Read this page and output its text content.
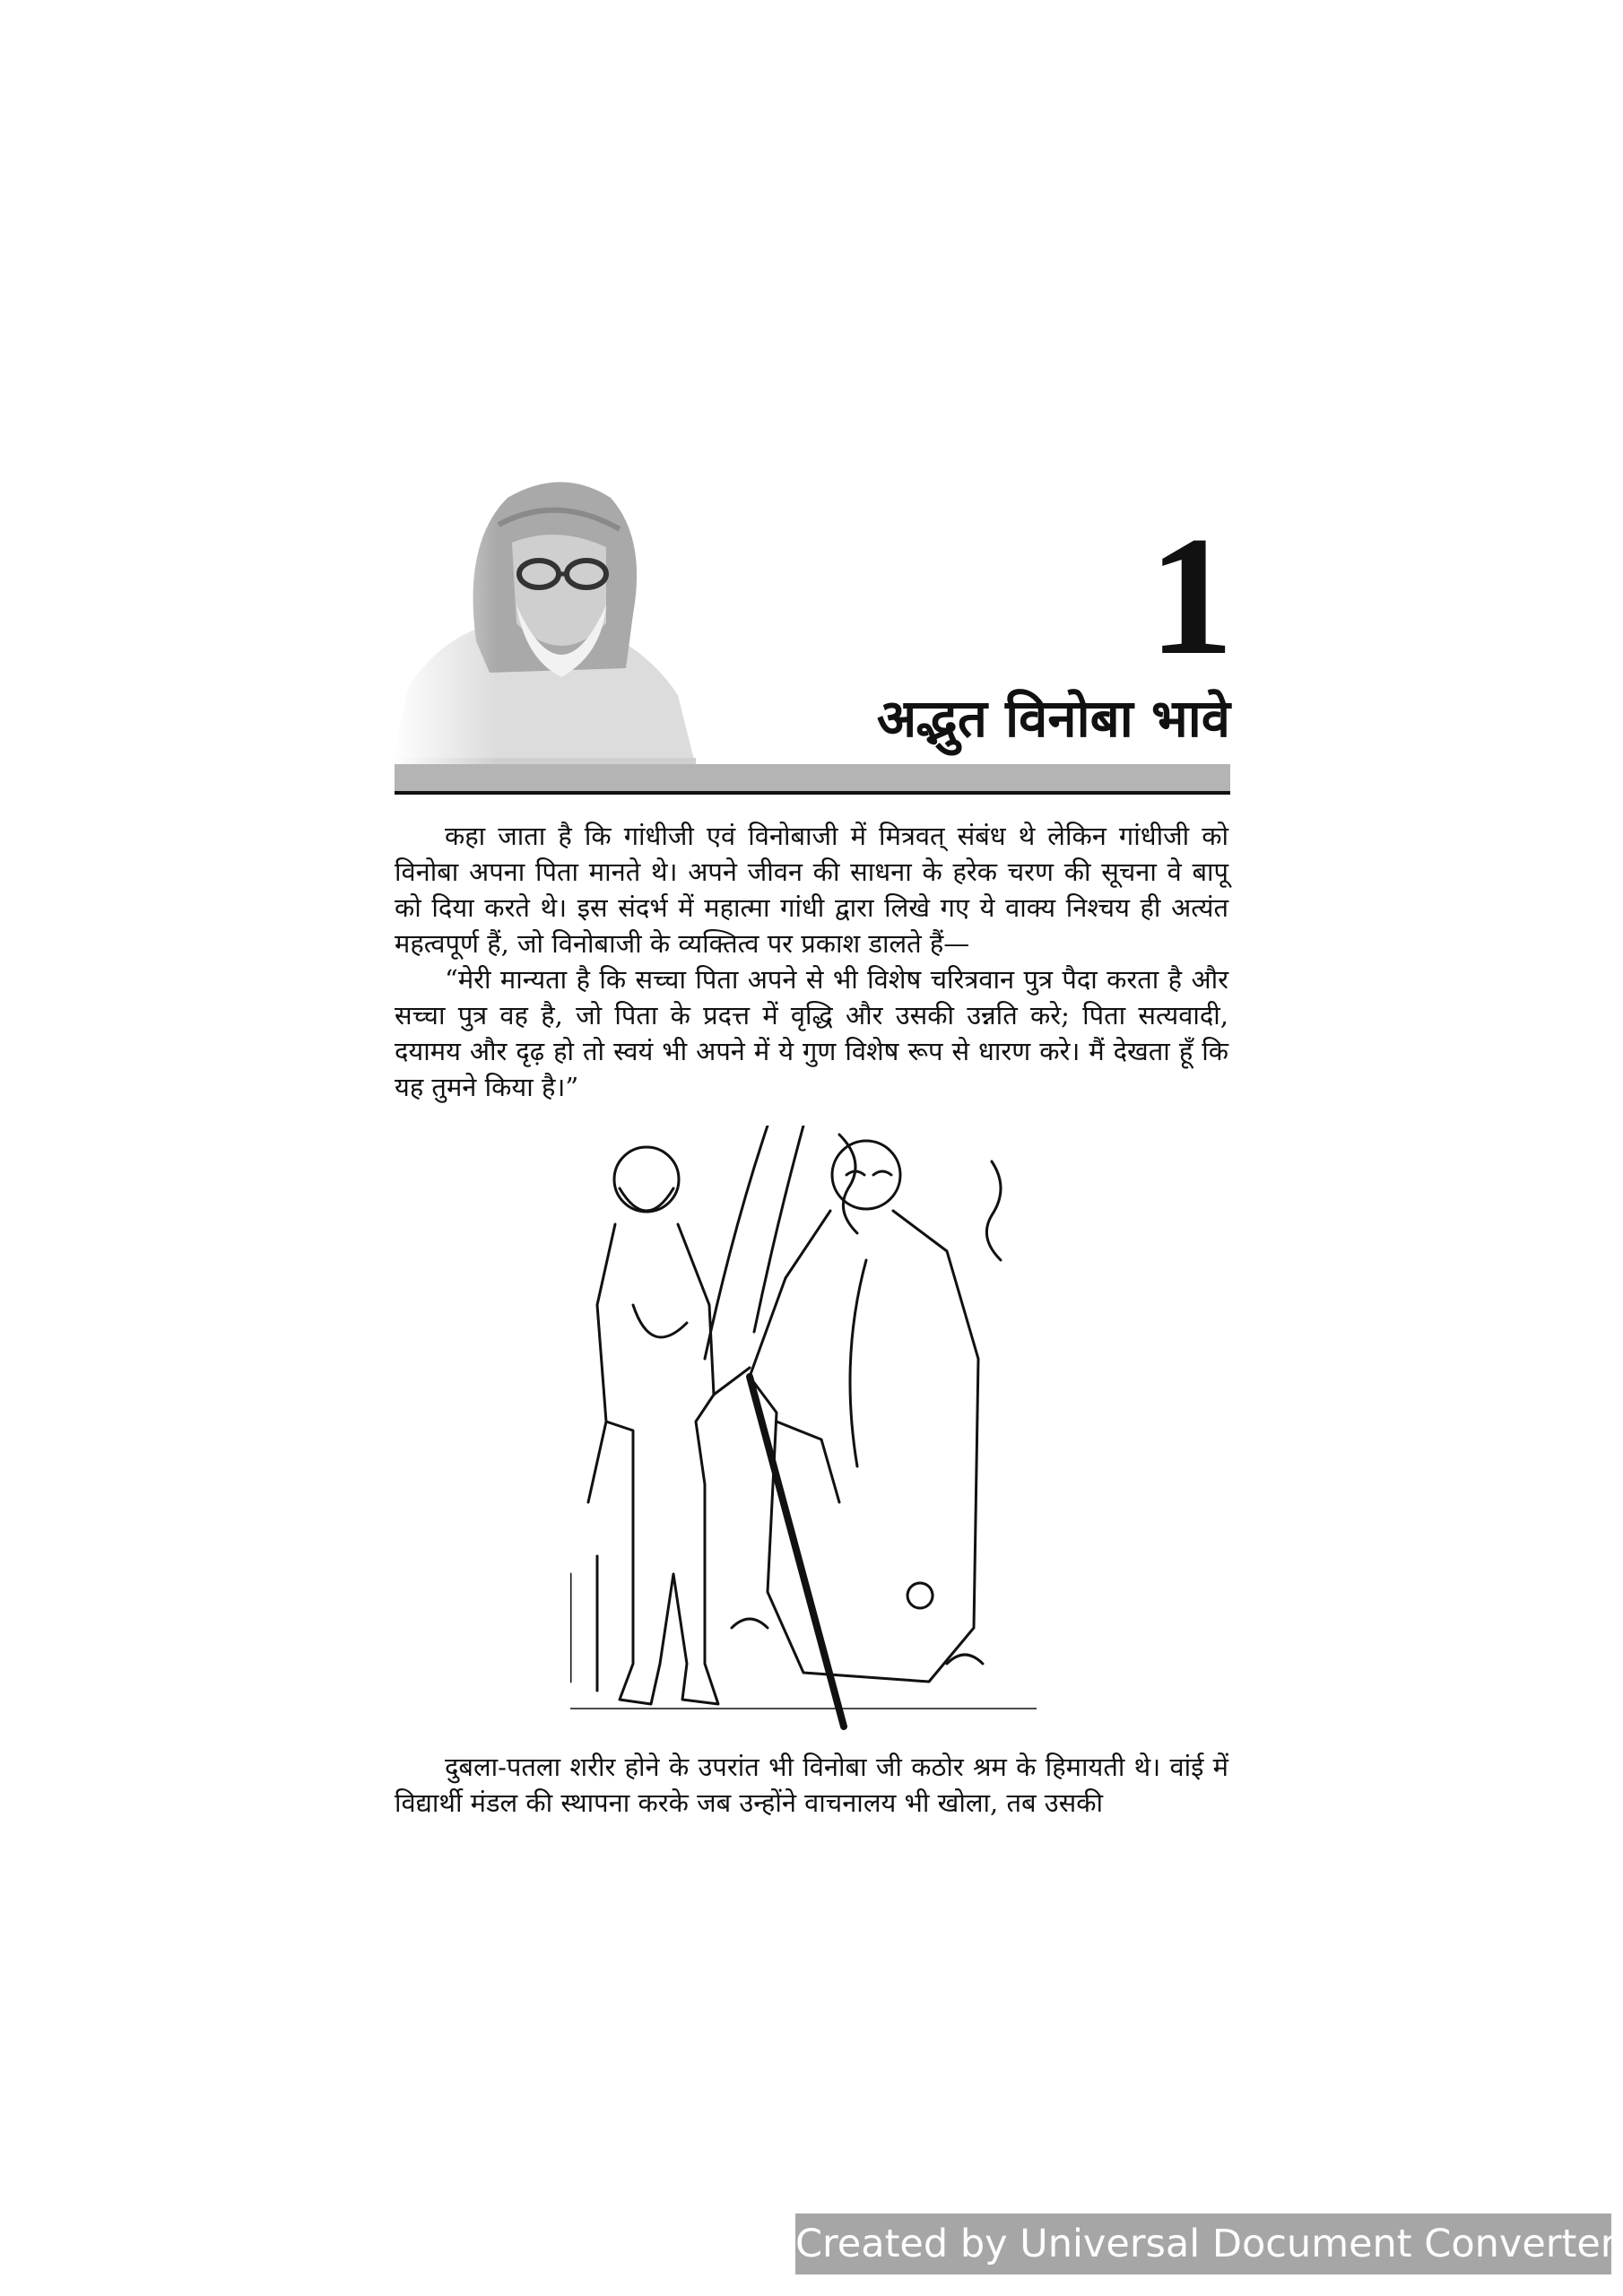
1
अद्भुत विनोबा भावे

कहा जाता है कि गांधीजी एवं विनोबाजी में मित्रवत् संबंध थे लेकिन गांधीजी को विनोबा अपना पिता मानते थे। अपने जीवन की साधना के हरेक चरण की सूचना वे बापू को दिया करते थे। इस संदर्भ में महात्मा गांधी द्वारा लिखे गए ये वाक्य निश्चय ही अत्यंत महत्वपूर्ण हैं, जो विनोबाजी के व्यक्तित्व पर प्रकाश डालते हैं—

“मेरी मान्यता है कि सच्चा पिता अपने से भी विशेष चरित्रवान पुत्र पैदा करता है और सच्चा पुत्र वह है, जो पिता के प्रदत्त में वृद्धि और उसकी उन्नति करे; पिता सत्यवादी, दयामय और दृढ़ हो तो स्वयं भी अपने में ये गुण विशेष रूप से धारण करे। मैं देखता हूँ कि यह तुमने किया है।”

दुबला-पतला शरीर होने के उपरांत भी विनोबा जी कठोर श्रम के हिमायती थे। वांई में विद्यार्थी मंडल की स्थापना करके जब उन्होंने वाचनालय भी खोला, तब उसकी

Created by Universal Document Converter
